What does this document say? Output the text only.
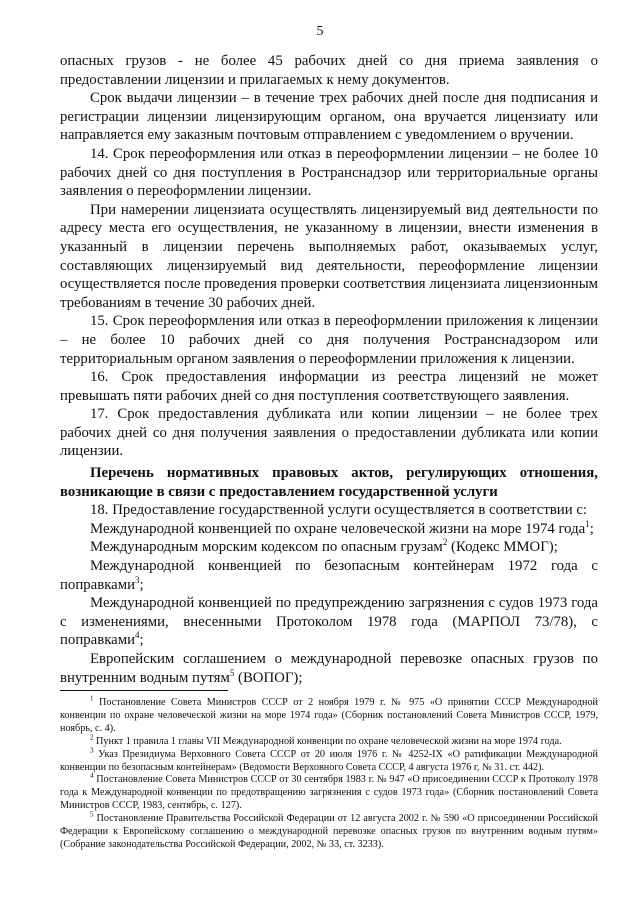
5

опасных грузов - не более 45 рабочих дней со дня приема заявления о предоставлении лицензии и прилагаемых к нему документов.

Срок выдачи лицензии – в течение трех рабочих дней после дня подписания и регистрации лицензии лицензирующим органом, она вручается лицензиату или направляется ему заказным почтовым отправлением с уведомлением о вручении.

14. Срок переоформления или отказ в переоформлении лицензии – не более 10 рабочих дней со дня поступления в Ространснадзор или территориальные органы заявления о переоформлении лицензии.

При намерении лицензиата осуществлять лицензируемый вид деятельности по адресу места его осуществления, не указанному в лицензии, внести изменения в указанный в лицензии перечень выполняемых работ, оказываемых услуг, составляющих лицензируемый вид деятельности, переоформление лицензии осуществляется после проведения проверки соответствия лицензиата лицензионным требованиям в течение 30 рабочих дней.

15. Срок переоформления или отказ в переоформлении приложения к лицензии – не более 10 рабочих дней со дня получения Ространснадзором или территориальным органом заявления о переоформлении приложения к лицензии.

16. Срок предоставления информации из реестра лицензий не может превышать пяти рабочих дней со дня поступления соответствующего заявления.

17. Срок предоставления дубликата или копии лицензии – не более трех рабочих дней со дня получения заявления о предоставлении дубликата или копии лицензии.

Перечень нормативных правовых актов, регулирующих отношения, возникающие в связи с предоставлением государственной услуги

18. Предоставление государственной услуги осуществляется в соответствии с:

Международной конвенцией по охране человеческой жизни на море 1974 года$^1$;

Международным морским кодексом по опасным грузам$^2$ (Кодекс ММОГ);

Международной конвенцией по безопасным контейнерам 1972 года с поправками$^3$;

Международной конвенцией по предупреждению загрязнения с судов 1973 года с изменениями, внесенными Протоколом 1978 года (МАРПОЛ 73/78), с поправками$^4$;

Европейским соглашением о международной перевозке опасных грузов по внутренним водным путям$^5$ (ВОПОГ);

$^1$ Постановление Совета Министров СССР от 2 ноября 1979 г. № 975 «О принятии СССР Международной конвенции по охране человеческой жизни на море 1974 года» (Сборник постановлений Совета Министров СССР, 1979, ноябрь, с. 4).

$^2$ Пункт 1 правила 1 главы VII Международной конвенции по охране человеческой жизни на море 1974 года.

$^3$ Указ Президиума Верховного Совета СССР от 20 июля 1976 г. № 4252-IX «О ратификации Международной конвенции по безопасным контейнерам» (Ведомости Верховного Совета СССР, 4 августа 1976 г, № 31. ст. 442).

$^4$ Постановление Совета Министров СССР от 30 сентября 1983 г. № 947 «О присоединении СССР к Протоколу 1978 года к Международной конвенции по предотвращению загрязнения с судов 1973 года» (Сборник постановлений Совета Министров СССР, 1983, сентябрь, с. 127).

$^5$ Постановление Правительства Российской Федерации от 12 августа 2002 г. № 590 «О присоединении Российской Федерации к Европейскому соглашению о международной перевозке опасных грузов по внутренним водным путям» (Собрание законодательства Российской Федерации, 2002, № 33, ст. 3233).
